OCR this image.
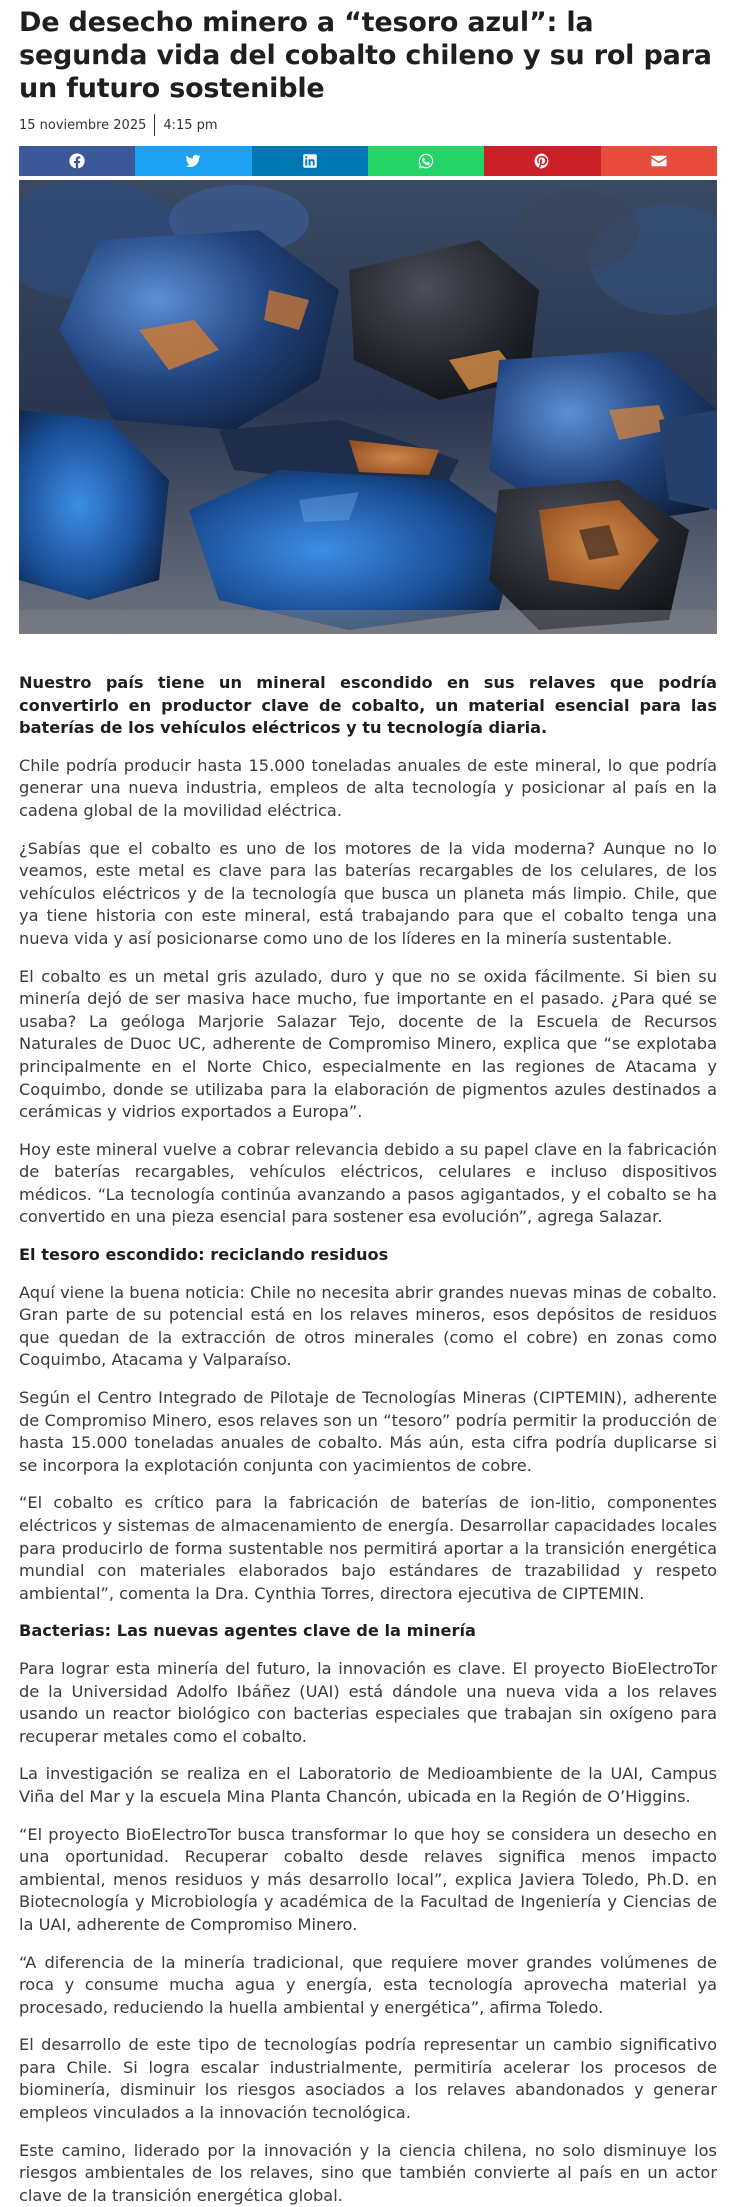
De desecho minero a “tesoro azul”: la segunda vida del cobalto chileno y su rol para un futuro sostenible
15 noviembre 2025 4:15 pm

Nuestro país tiene un mineral escondido en sus relaves que podría convertirlo en productor clave de cobalto, un material esencial para las baterías de los vehículos eléctricos y tu tecnología diaria.

Chile podría producir hasta 15.000 toneladas anuales de este mineral, lo que podría generar una nueva industria, empleos de alta tecnología y posicionar al país en la cadena global de la movilidad eléctrica.

¿Sabías que el cobalto es uno de los motores de la vida moderna? Aunque no lo veamos, este metal es clave para las baterías recargables de los celulares, de los vehículos eléctricos y de la tecnología que busca un planeta más limpio. Chile, que ya tiene historia con este mineral, está trabajando para que el cobalto tenga una nueva vida y así posicionarse como uno de los líderes en la minería sustentable.

El cobalto es un metal gris azulado, duro y que no se oxida fácilmente. Si bien su minería dejó de ser masiva hace mucho, fue importante en el pasado. ¿Para qué se usaba? La geóloga Marjorie Salazar Tejo, docente de la Escuela de Recursos Naturales de Duoc UC, adherente de Compromiso Minero, explica que “se explotaba principalmente en el Norte Chico, especialmente en las regiones de Atacama y Coquimbo, donde se utilizaba para la elaboración de pigmentos azules destinados a cerámicas y vidrios exportados a Europa”.

Hoy este mineral vuelve a cobrar relevancia debido a su papel clave en la fabricación de baterías recargables, vehículos eléctricos, celulares e incluso dispositivos médicos. “La tecnología continúa avanzando a pasos agigantados, y el cobalto se ha convertido en una pieza esencial para sostener esa evolución”, agrega Salazar.

El tesoro escondido: reciclando residuos

Aquí viene la buena noticia: Chile no necesita abrir grandes nuevas minas de cobalto. Gran parte de su potencial está en los relaves mineros, esos depósitos de residuos que quedan de la extracción de otros minerales (como el cobre) en zonas como Coquimbo, Atacama y Valparaíso.

Según el Centro Integrado de Pilotaje de Tecnologías Mineras (CIPTEMIN), adherente de Compromiso Minero, esos relaves son un “tesoro” podría permitir la producción de hasta 15.000 toneladas anuales de cobalto. Más aún, esta cifra podría duplicarse si se incorpora la explotación conjunta con yacimientos de cobre.

“El cobalto es crítico para la fabricación de baterías de ion-litio, componentes eléctricos y sistemas de almacenamiento de energía. Desarrollar capacidades locales para producirlo de forma sustentable nos permitirá aportar a la transición energética mundial con materiales elaborados bajo estándares de trazabilidad y respeto ambiental”, comenta la Dra. Cynthia Torres, directora ejecutiva de CIPTEMIN.

Bacterias: Las nuevas agentes clave de la minería

Para lograr esta minería del futuro, la innovación es clave. El proyecto BioElectroTor de la Universidad Adolfo Ibáñez (UAI) está dándole una nueva vida a los relaves usando un reactor biológico con bacterias especiales que trabajan sin oxígeno para recuperar metales como el cobalto.

La investigación se realiza en el Laboratorio de Medioambiente de la UAI, Campus Viña del Mar y la escuela Mina Planta Chancón, ubicada en la Región de O’Higgins.

“El proyecto BioElectroTor busca transformar lo que hoy se considera un desecho en una oportunidad. Recuperar cobalto desde relaves significa menos impacto ambiental, menos residuos y más desarrollo local”, explica Javiera Toledo, Ph.D. en Biotecnología y Microbiología y académica de la Facultad de Ingeniería y Ciencias de la UAI, adherente de Compromiso Minero.

“A diferencia de la minería tradicional, que requiere mover grandes volúmenes de roca y consume mucha agua y energía, esta tecnología aprovecha material ya procesado, reduciendo la huella ambiental y energética”, afirma Toledo.

El desarrollo de este tipo de tecnologías podría representar un cambio significativo para Chile. Si logra escalar industrialmente, permitiría acelerar los procesos de biominería, disminuir los riesgos asociados a los relaves abandonados y generar empleos vinculados a la innovación tecnológica.

Este camino, liderado por la innovación y la ciencia chilena, no solo disminuye los riesgos ambientales de los relaves, sino que también convierte al país en un actor clave de la transición energética global.
